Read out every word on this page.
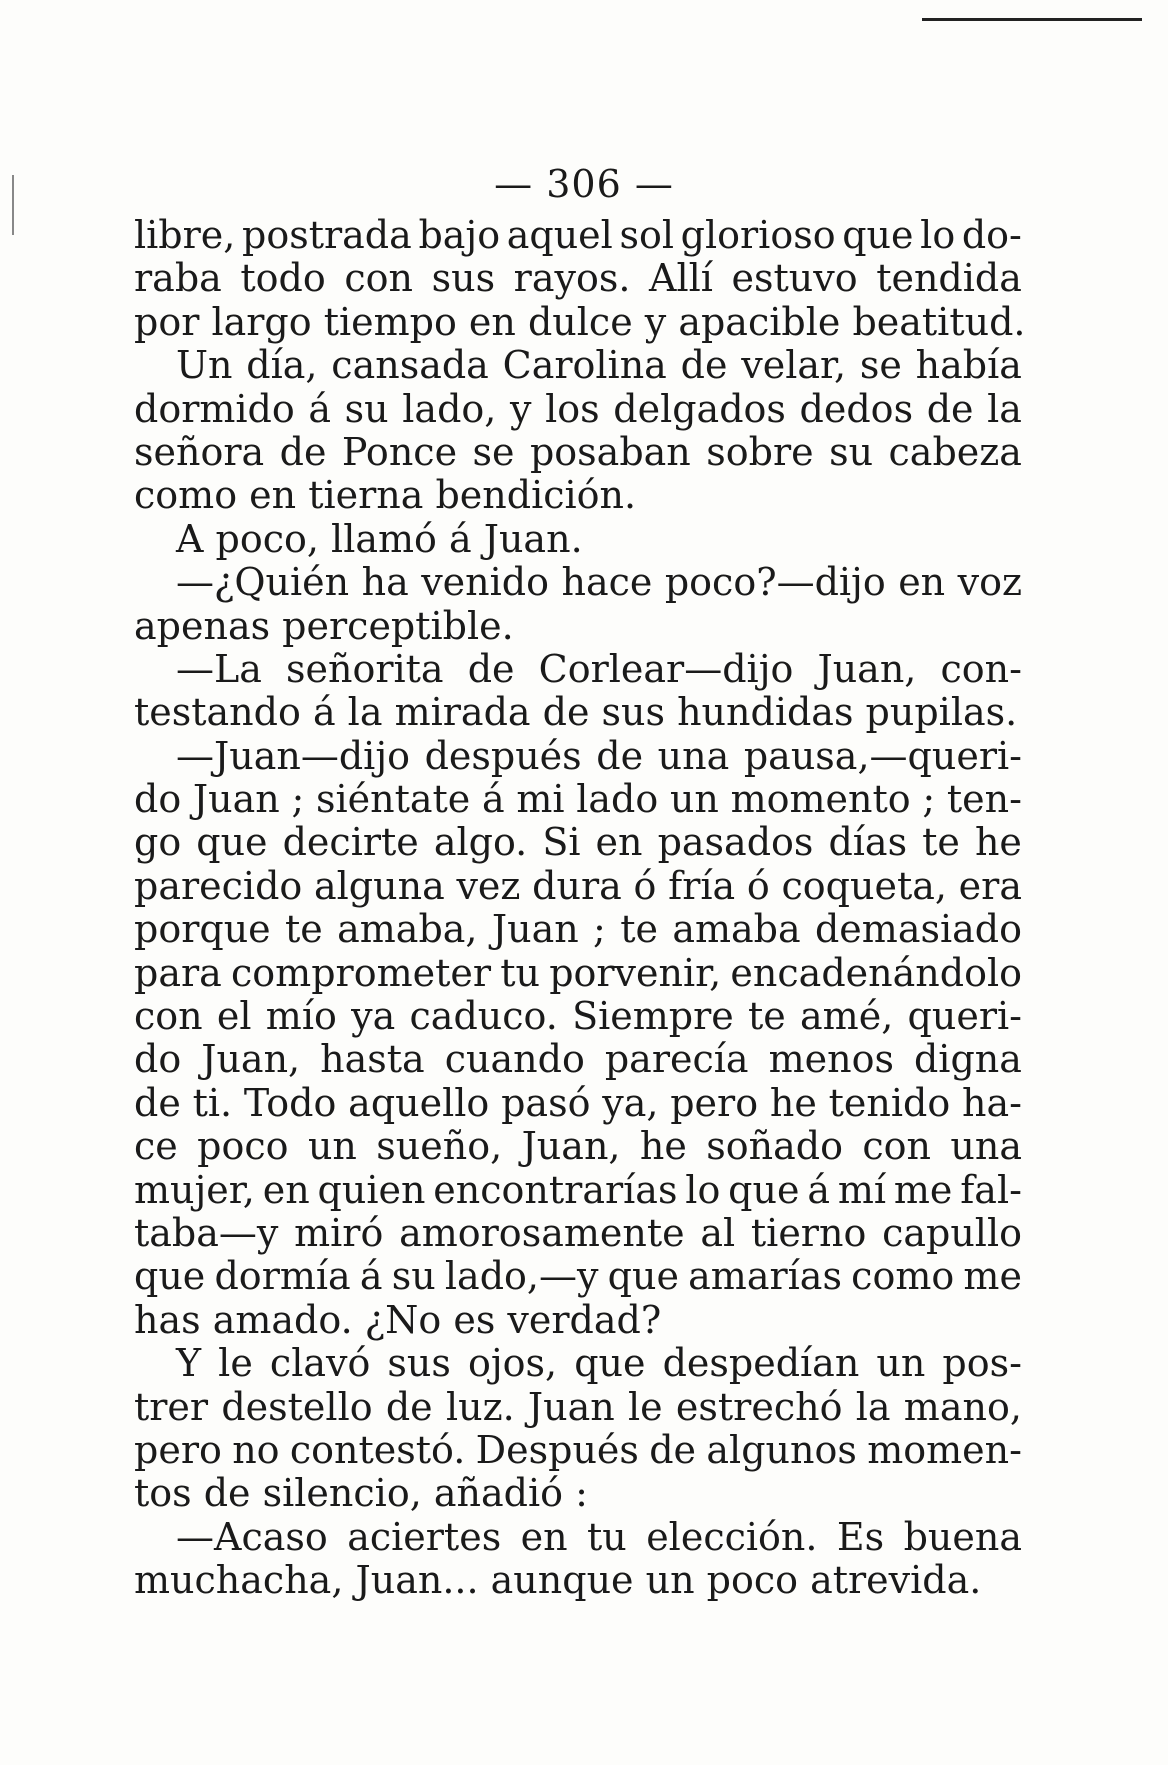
— 306 —
libre, postrada bajo aquel sol glorioso que lo do-
raba todo con sus rayos. Allí estuvo tendida
por largo tiempo en dulce y apacible beatitud.
Un día, cansada Carolina de velar, se había
dormido á su lado, y los delgados dedos de la
señora de Ponce se posaban sobre su cabeza
como en tierna bendición.
A poco, llamó á Juan.
—¿Quién ha venido hace poco?—dijo en voz
apenas perceptible.
—La señorita de Corlear—dijo Juan, con-
testando á la mirada de sus hundidas pupilas.
—Juan—dijo después de una pausa,—queri-
do Juan ; siéntate á mi lado un momento ; ten-
go que decirte algo. Si en pasados días te he
parecido alguna vez dura ó fría ó coqueta, era
porque te amaba, Juan ; te amaba demasiado
para comprometer tu porvenir, encadenándolo
con el mío ya caduco. Siempre te amé, queri-
do Juan, hasta cuando parecía menos digna
de ti. Todo aquello pasó ya, pero he tenido ha-
ce poco un sueño, Juan, he soñado con una
mujer, en quien encontrarías lo que á mí me fal-
taba—y miró amorosamente al tierno capullo
que dormía á su lado,—y que amarías como me
has amado. ¿No es verdad?
Y le clavó sus ojos, que despedían un pos-
trer destello de luz. Juan le estrechó la mano,
pero no contestó. Después de algunos momen-
tos de silencio, añadió :
—Acaso aciertes en tu elección. Es buena
muchacha, Juan... aunque un poco atrevida.
